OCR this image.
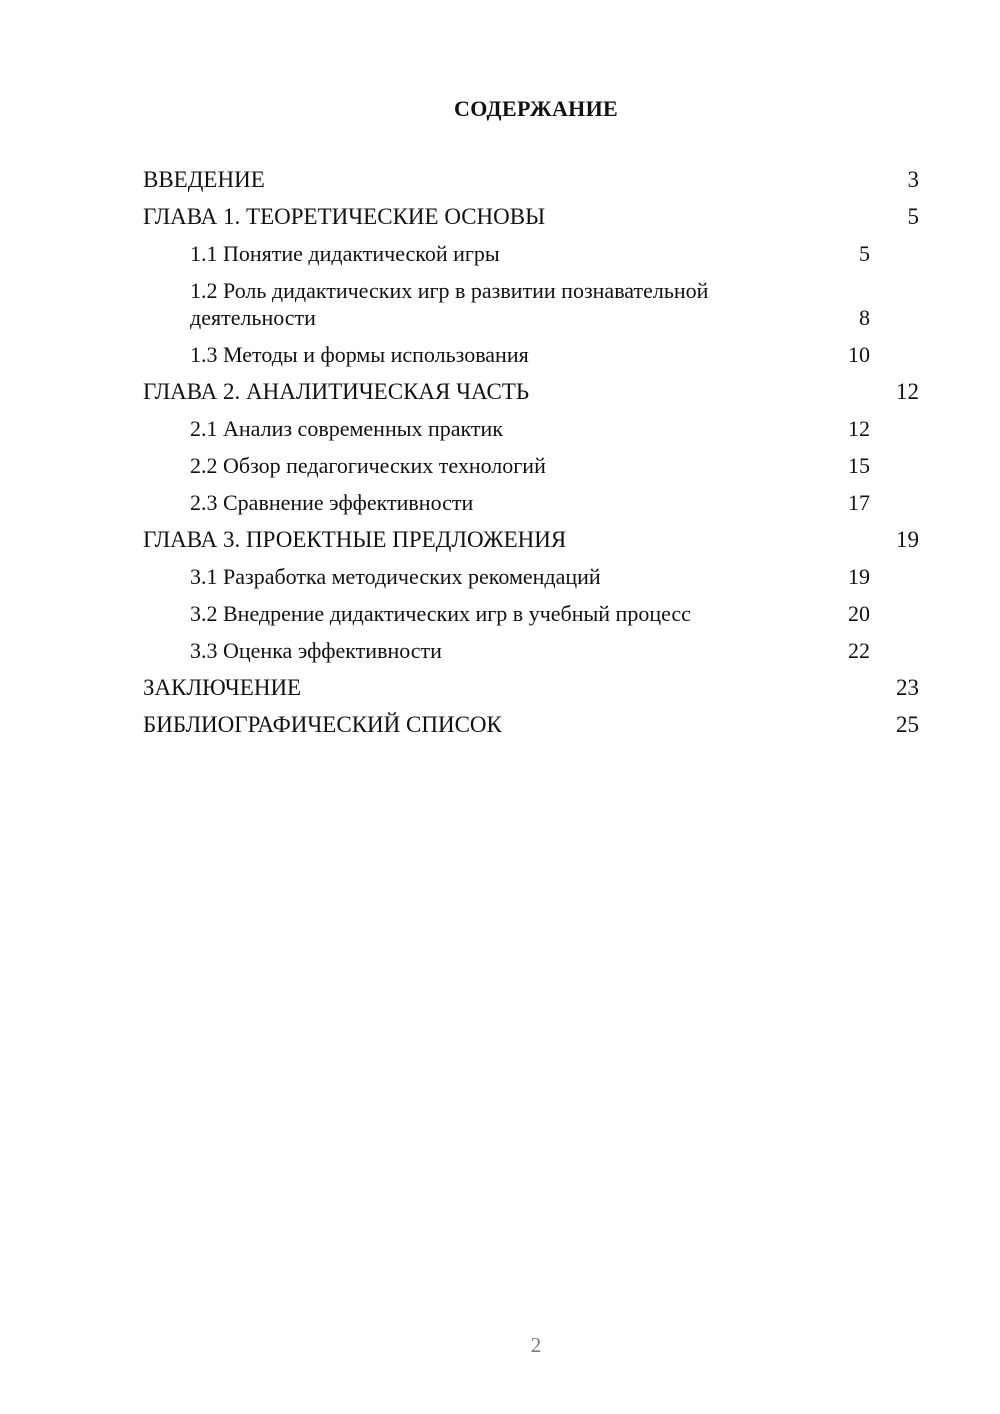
СОДЕРЖАНИЕ
ВВЕДЕНИЕ	3
ГЛАВА 1. ТЕОРЕТИЧЕСКИЕ ОСНОВЫ	5
1.1 Понятие дидактической игры	5
1.2 Роль дидактических игр в развитии познавательной деятельности	8
1.3 Методы и формы использования	10
ГЛАВА 2. АНАЛИТИЧЕСКАЯ ЧАСТЬ	12
2.1 Анализ современных практик	12
2.2 Обзор педагогических технологий	15
2.3 Сравнение эффективности	17
ГЛАВА 3. ПРОЕКТНЫЕ ПРЕДЛОЖЕНИЯ	19
3.1 Разработка методических рекомендаций	19
3.2 Внедрение дидактических игр в учебный процесс	20
3.3 Оценка эффективности	22
ЗАКЛЮЧЕНИЕ	23
БИБЛИОГРАФИЧЕСКИЙ СПИСОК	25
2
